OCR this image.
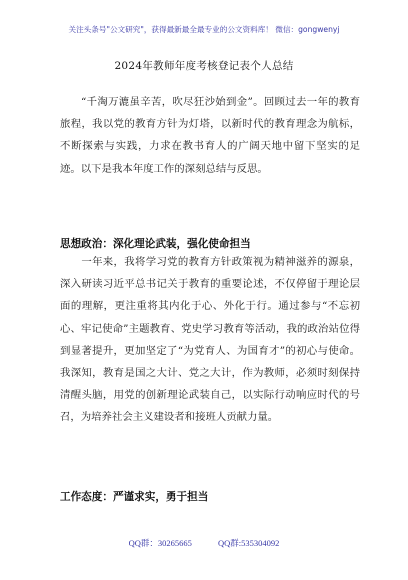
关注头条号"公文研究"，获得最新最全最专业的公文资料库！ 微信：gongwenyj
2024年教师年度考核登记表个人总结

“千淘万漉虽辛苦，吹尽狂沙始到金”。回顾过去一年的教育旅程，我以党的教育方针为灯塔，以新时代的教育理念为航标，不断探索与实践，力求在教书育人的广阔天地中留下坚实的足迹。以下是我本年度工作的深刻总结与反思。

思想政治：深化理论武装，强化使命担当

一年来，我将学习党的教育方针政策视为精神滋养的源泉，深入研读习近平总书记关于教育的重要论述，不仅停留于理论层面的理解，更注重将其内化于心、外化于行。通过参与“不忘初心、牢记使命”主题教育、党史学习教育等活动，我的政治站位得到显著提升，更加坚定了“为党育人、为国育才”的初心与使命。我深知，教育是国之大计、党之大计，作为教师，必须时刻保持清醒头脑，用党的创新理论武装自己，以实际行动响应时代的号召，为培养社会主义建设者和接班人贡献力量。

工作态度：严谨求实，勇于担当
QQ群：30265665	QQ群:535304092
